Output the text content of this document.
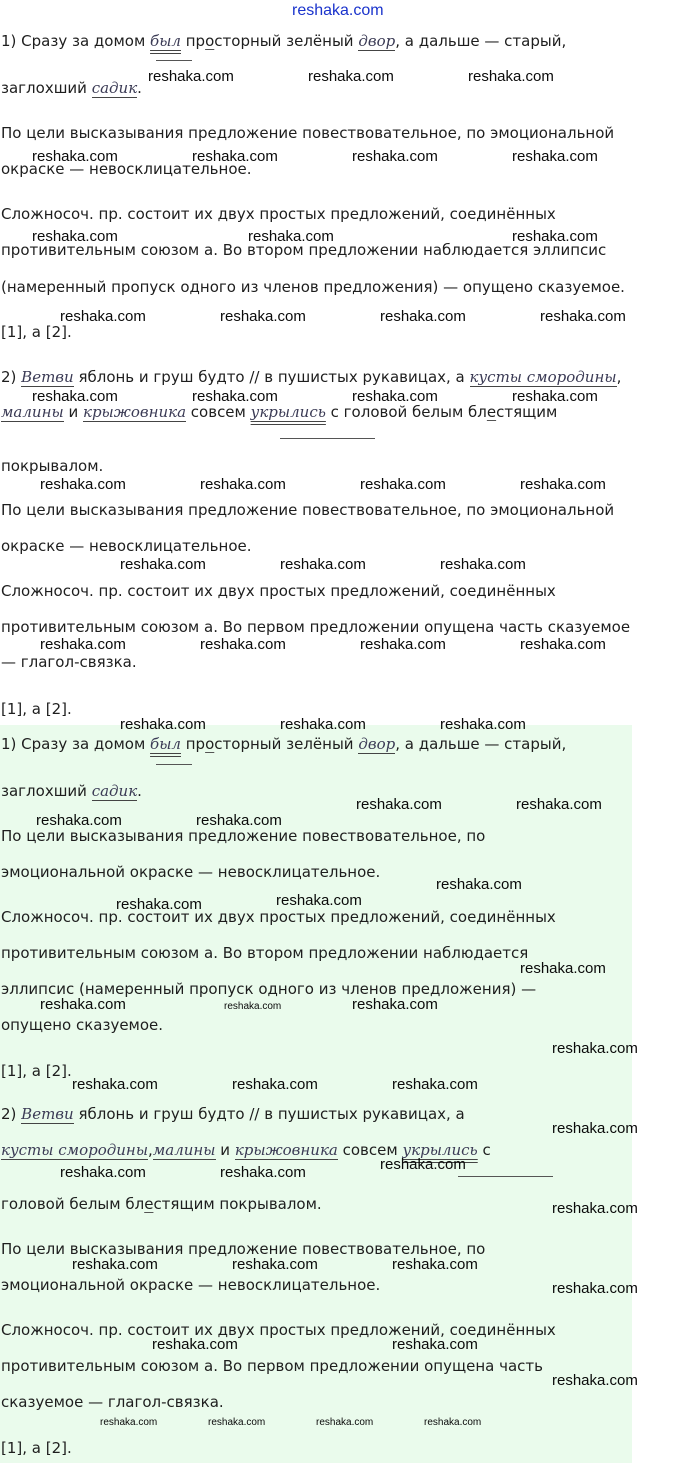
reshaka.com
1) Сразу за домом был просторный зелёный двор, а дальше — старый,
заглохший садик.
По цели высказывания предложение повествовательное, по эмоциональной
окраске — невосклицательное.
Сложносоч. пр. состоит их двух простых предложений, соединённых
противительным союзом а. Во втором предложении наблюдается эллипсис
(намеренный пропуск одного из членов предложения) — опущено сказуемое.
[1], а [2].
2) Ветви яблонь и груш будто // в пушистых рукавицах, а кусты смородины,
малины и крыжовника совсем укрылись с головой белым блестящим
покрывалом.
По цели высказывания предложение повествовательное, по эмоциональной
окраске — невосклицательное.
Сложносоч. пр. состоит их двух простых предложений, соединённых
противительным союзом а. Во первом предложении опущена часть сказуемое
— глагол-связка.
[1], а [2].
1) Сразу за домом был просторный зелёный двор, а дальше — старый,
заглохший садик.
По цели высказывания предложение повествовательное, по
эмоциональной окраске — невосклицательное.
Сложносоч. пр. состоит их двух простых предложений, соединённых
противительным союзом а. Во втором предложении наблюдается
эллипсис (намеренный пропуск одного из членов предложения) —
опущено сказуемое.
[1], а [2].
2) Ветви яблонь и груш будто // в пушистых рукавицах, а
кусты смородины,малины и крыжовника совсем укрылись с
головой белым блестящим покрывалом.
По цели высказывания предложение повествовательное, по
эмоциональной окраске — невосклицательное.
Сложносоч. пр. состоит их двух простых предложений, соединённых
противительным союзом а. Во первом предложении опущена часть
сказуемое — глагол-связка.
[1], а [2].
reshaka.com	reshaka.com	reshaka.com
reshaka.com	reshaka.com	reshaka.com	reshaka.com
reshaka.com	reshaka.com	reshaka.com
reshaka.com	reshaka.com	reshaka.com	reshaka.com
reshaka.com	reshaka.com	reshaka.com	reshaka.com
reshaka.com	reshaka.com	reshaka.com	reshaka.com
reshaka.com	reshaka.com	reshaka.com
reshaka.com	reshaka.com	reshaka.com	reshaka.com
reshaka.com	reshaka.com	reshaka.com
reshaka.com	reshaka.com
reshaka.com	reshaka.com
reshaka.com
reshaka.com	reshaka.com
reshaka.com
reshaka.com	reshaka.com
reshaka.com
reshaka.com	reshaka.com	reshaka.com
reshaka.com
reshaka.com	reshaka.com	reshaka.com
reshaka.com
reshaka.com	reshaka.com	reshaka.com
reshaka.com
reshaka.com	reshaka.com
reshaka.com
reshaka.com
reshaka.com	reshaka.com	reshaka.com	reshaka.com
